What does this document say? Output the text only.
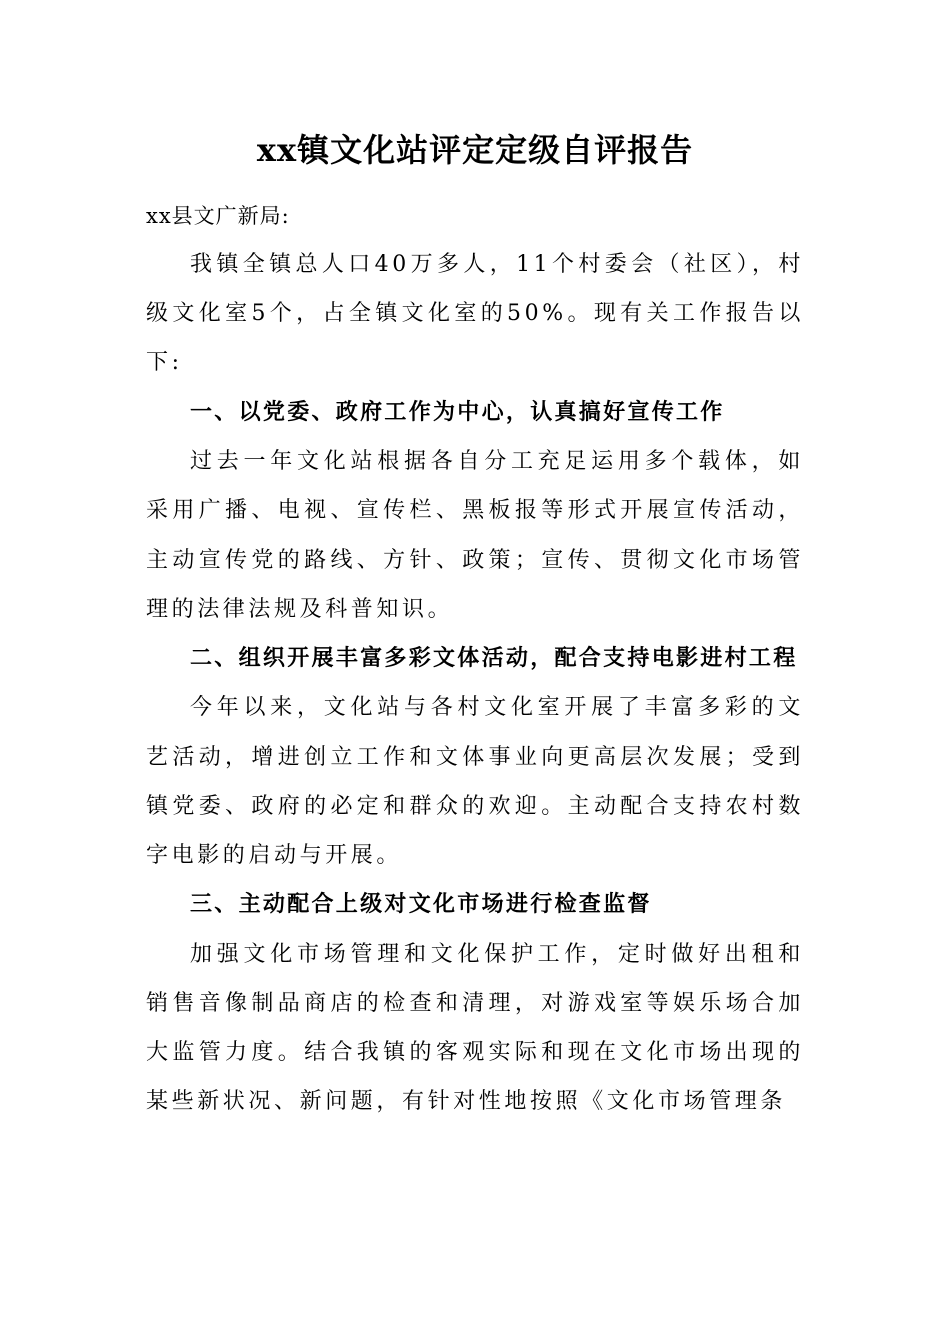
xx镇文化站评定定级自评报告

xx县文广新局:

我镇全镇总人口40万多人，11个村委会（社区），村级文化室5个，占全镇文化室的50%。现有关工作报告以下:

一、以党委、政府工作为中心，认真搞好宣传工作

过去一年文化站根据各自分工充足运用多个载体，如采用广播、电视、宣传栏、黑板报等形式开展宣传活动，主动宣传党的路线、方针、政策；宣传、贯彻文化市场管理的法律法规及科普知识。

二、组织开展丰富多彩文体活动，配合支持电影进村工程

今年以来，文化站与各村文化室开展了丰富多彩的文艺活动，增进创立工作和文体事业向更高层次发展；受到镇党委、政府的必定和群众的欢迎。主动配合支持农村数字电影的启动与开展。

三、主动配合上级对文化市场进行检查监督

加强文化市场管理和文化保护工作，定时做好出租和销售音像制品商店的检查和清理，对游戏室等娱乐场合加大监管力度。结合我镇的客观实际和现在文化市场出现的某些新状况、新问题，有针对性地按照《文化市场管理条
